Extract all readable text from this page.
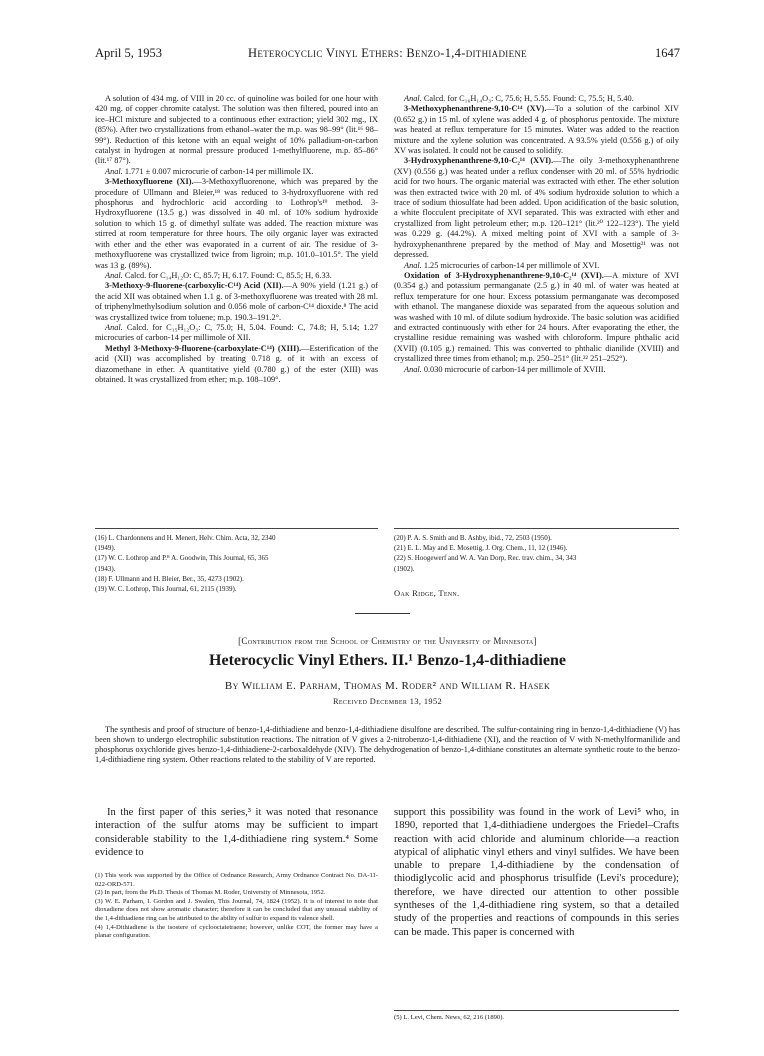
April 5, 1953	Heterocyclic Vinyl Ethers: Benzo-1,4-dithiadiene	1647

A solution of 434 mg. of VIII in 20 cc. of quinoline was boiled for one hour with 420 mg. of copper chromite catalyst. The solution was then filtered, poured into an ice–HCl mixture and subjected to a continuous ether extraction; yield 302 mg., IX (85%). After two crystallizations from ethanol–water the m.p. was 98–99° (lit.¹⁶ 98–99°). Reduction of this ketone with an equal weight of 10% palladium-on-carbon catalyst in hydrogen at normal pressure produced 1-methylfluorene, m.p. 85–86° (lit.¹⁷ 87°).

Anal. 1.771 ± 0.007 microcurie of carbon-14 per millimole IX.

3-Methoxyfluorene (XI).—3-Methoxyfluorenone, which was prepared by the procedure of Ullmann and Bleier,¹⁸ was reduced to 3-hydroxyfluorene with red phosphorus and hydrochloric acid according to Lothrop's¹⁹ method. 3-Hydroxyfluorene (13.5 g.) was dissolved in 40 ml. of 10% sodium hydroxide solution to which 15 g. of dimethyl sulfate was added. The reaction mixture was stirred at room temperature for three hours. The oily organic layer was extracted with ether and the ether was evaporated in a current of air. The residue of 3-methoxyfluorene was crystallized twice from ligroin; m.p. 101.0–101.5°. The yield was 13 g. (89%).

Anal. Calcd. for C₁₄H₁₂O: C, 85.7; H, 6.17. Found: C, 85.5; H, 6.33.

3-Methoxy-9-fluorene-(carboxylic-C¹⁴) Acid (XII).—A 90% yield (1.21 g.) of the acid XII was obtained when 1.1 g. of 3-methoxyfluorene was treated with 28 ml. of triphenylmethylsodium solution and 0.056 mole of carbon-C¹⁴ dioxide.⁸ The acid was crystallized twice from toluene; m.p. 190.3–191.2°.

Anal. Calcd. for C₁₅H₁₂O₃: C, 75.0; H, 5.04. Found: C, 74.8; H, 5.14; 1.27 microcuries of carbon-14 per millimole of XII.

Methyl 3-Methoxy-9-fluorene-(carboxylate-C¹⁴) (XIII).—Esterification of the acid (XII) was accomplished by treating 0.718 g. of it with an excess of diazomethane in ether. A quantitative yield (0.780 g.) of the ester (XIII) was obtained. It was crystallized from ether; m.p. 108–109°.

Anal. Calcd. for C₁₆H₁₄O₃: C, 75.6; H, 5.55. Found: C, 75.5; H, 5.40.

3-Methoxyphenanthrene-9,10-C¹⁴ (XV).—To a solution of the carbinol XIV (0.652 g.) in 15 ml. of xylene was added 4 g. of phosphorus pentoxide. The mixture was heated at reflux temperature for 15 minutes. Water was added to the reaction mixture and the xylene solution was concentrated. A 93.5% yield (0.556 g.) of oily XV was isolated. It could not be caused to solidify.

3-Hydroxyphenanthrene-9,10-C₂¹⁴ (XVI).—The oily 3-methoxyphenanthrene (XV) (0.556 g.) was heated under a reflux condenser with 20 ml. of 55% hydriodic acid for two hours. The organic material was extracted with ether. The ether solution was then extracted twice with 20 ml. of 4% sodium hydroxide solution to which a trace of sodium thiosulfate had been added. Upon acidification of the basic solution, a white flocculent precipitate of XVI separated. This was extracted with ether and crystallized from light petroleum ether; m.p. 120–121° (lit.²⁰ 122–123°). The yield was 0.229 g. (44.2%). A mixed melting point of XVI with a sample of 3-hydroxyphenanthrene prepared by the method of May and Mosettig²¹ was not depressed.

Anal. 1.25 microcuries of carbon-14 per millimole of XVI.

Oxidation of 3-Hydroxyphenanthrene-9,10-C₂¹⁴ (XVI).—A mixture of XVI (0.354 g.) and potassium permanganate (2.5 g.) in 40 ml. of water was heated at reflux temperature for one hour. Excess potassium permanganate was decomposed with ethanol. The manganese dioxide was separated from the aqueous solution and was washed with 10 ml. of dilute sodium hydroxide. The basic solution was acidified and extracted continuously with ether for 24 hours. After evaporating the ether, the crystalline residue remaining was washed with chloroform. Impure phthalic acid (XVII) (0.105 g.) remained. This was converted to phthalic dianilide (XVIII) and crystallized three times from ethanol; m.p. 250–251° (lit.²² 251–252°).

Anal. 0.030 microcurie of carbon-14 per millimole of XVIII.

(16) L. Chardonnens and H. Menert, Helv. Chim. Acta, 32, 2340
(1949).
(17) W. C. Lothrop and P.ᴿ A. Goodwin, This Journal, 65, 365
(1943).
(18) F. Ullmann and H. Bleier, Ber., 35, 4273 (1902).
(19) W. C. Lothrop, This Journal, 61, 2115 (1939).
(20) P. A. S. Smith and B. Ashby, ibid., 72, 2503 (1950).
(21) E. L. May and E. Mosettig, J. Org. Chem., 11, 12 (1946).
(22) S. Hoogewerf and W. A. Van Dorp, Rec. trav. chim., 34, 343
(1902).
Oak Ridge, Tenn.
[Contribution from the School of Chemistry of the University of Minnesota]
Heterocyclic Vinyl Ethers. II.¹ Benzo-1,4-dithiadiene
By William E. Parham, Thomas M. Roder² and William R. Hasek
Received December 13, 1952
The synthesis and proof of structure of benzo-1,4-dithiadiene and benzo-1,4-dithiadiene disulfone are described. The sulfur-containing ring in benzo-1,4-dithiadiene (V) has been shown to undergo electrophilic substitution reactions. The nitration of V gives a 2-nitrobenzo-1,4-dithiadiene (XI), and the reaction of V with N-methylformanilide and phosphorus oxychloride gives benzo-1,4-dithiadiene-2-carboxaldehyde (XIV). The dehydrogenation of benzo-1,4-dithiane constitutes an alternate synthetic route to the benzo-1,4-dithiadiene ring system. Other reactions related to the stability of V are reported.
In the first paper of this series,³ it was noted that resonance interaction of the sulfur atoms may be sufficient to impart considerable stability to the 1,4-dithiadiene ring system.⁴ Some evidence to
(1) This work was supported by the Office of Ordnance Research, Army Ordnance Contract No. DA-11-022-ORD-571.
(2) In part, from the Ph.D. Thesis of Thomas M. Roder, University of Minnesota, 1952.
(3) W. E. Parham, I. Gordon and J. Swalen, This Journal, 74, 1824 (1952). It is of interest to note that dioxadiene does not show aromatic character; therefore it can be concluded that any unusual stability of the 1,4-dithiadiene ring can be attributed to the ability of sulfur to expand its valence shell.
(4) 1,4-Dithiadiene is the isostere of cyclooctatetraene; however, unlike COT, the former may have a planar configuration.
support this possibility was found in the work of Levi⁵ who, in 1890, reported that 1,4-dithiadiene undergoes the Friedel–Crafts reaction with acid chloride and aluminum chloride—a reaction atypical of aliphatic vinyl ethers and vinyl sulfides. We have been unable to prepare 1,4-dithiadiene by the condensation of thiodiglycolic acid and phosphorus trisulfide (Levi's procedure); therefore, we have directed our attention to other possible syntheses of the 1,4-dithiadiene ring system, so that a detailed study of the properties and reactions of compounds in this series can be made. This paper is concerned with
(5) L. Levi, Chem. News, 62, 216 (1890).
